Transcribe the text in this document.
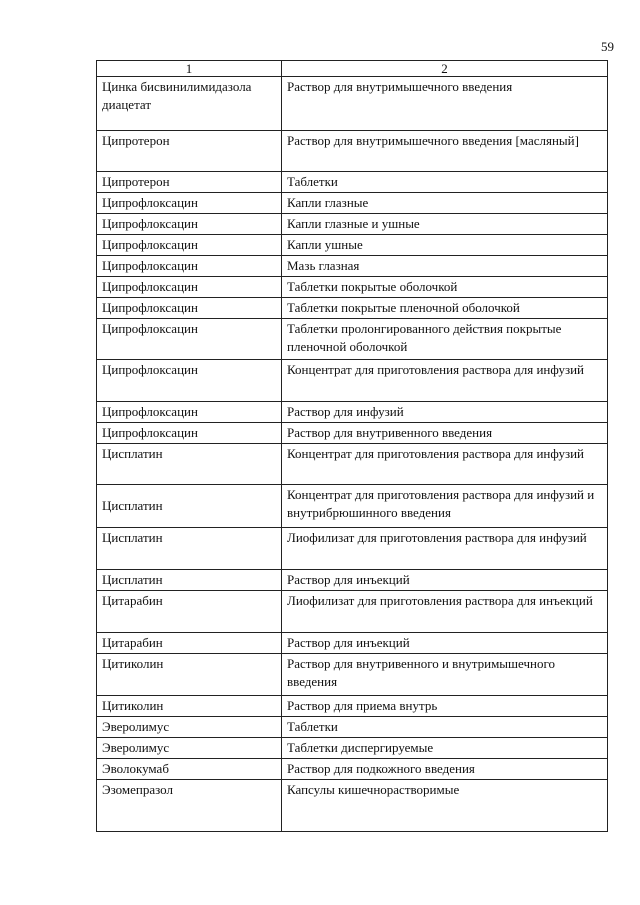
59
1	2
Цинка бисвинилимидазола диацетат	Раствор для внутримышечного введения
Ципротерон	Раствор для внутримышечного введения [масляный]
Ципротерон	Таблетки
Ципрофлоксацин	Капли глазные
Ципрофлоксацин	Капли глазные и ушные
Ципрофлоксацин	Капли ушные
Ципрофлоксацин	Мазь глазная
Ципрофлоксацин	Таблетки покрытые оболочкой
Ципрофлоксацин	Таблетки покрытые пленочной оболочкой
Ципрофлоксацин	Таблетки пролонгированного действия покрытые пленочной оболочкой
Ципрофлоксацин	Концентрат для приготовления раствора для инфузий
Ципрофлоксацин	Раствор для инфузий
Ципрофлоксацин	Раствор для внутривенного введения
Цисплатин	Концентрат для приготовления раствора для инфузий
Цисплатин	Концентрат для приготовления раствора для инфузий и внутрибрюшинного введения
Цисплатин	Лиофилизат для приготовления раствора для инфузий
Цисплатин	Раствор для инъекций
Цитарабин	Лиофилизат для приготовления раствора для инъекций
Цитарабин	Раствор для инъекций
Цитиколин	Раствор для внутривенного и внутримышечного введения
Цитиколин	Раствор для приема внутрь
Эверолимус	Таблетки
Эверолимус	Таблетки диспергируемые
Эволокумаб	Раствор для подкожного введения
Эзомепразол	Капсулы кишечнорастворимые
